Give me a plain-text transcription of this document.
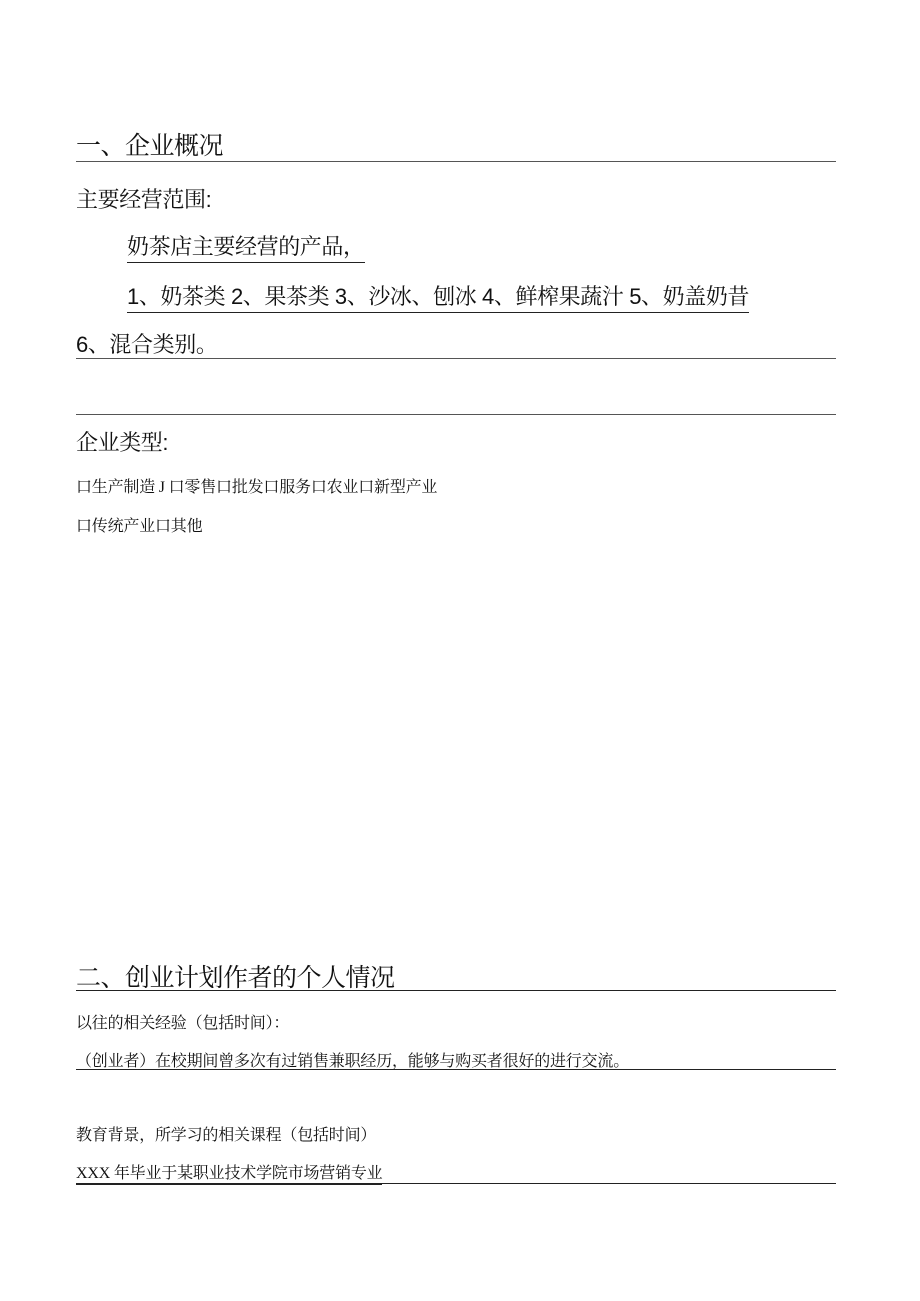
一、企业概况
主要经营范围:
奶茶店主要经营的产品，
1、奶茶类 2、果茶类 3、沙冰、刨冰 4、鲜榨果蔬汁 5、奶盖奶昔
6、混合类别。
企业类型:
口生产制造 J 口零售口批发口服务口农业口新型产业
口传统产业口其他
二、创业计划作者的个人情况
以往的相关经验（包括时间）：
（创业者）在校期间曾多次有过销售兼职经历，能够与购买者很好的进行交流。
教育背景，所学习的相关课程（包括时间）
XXX 年毕业于某职业技术学院市场营销专业
